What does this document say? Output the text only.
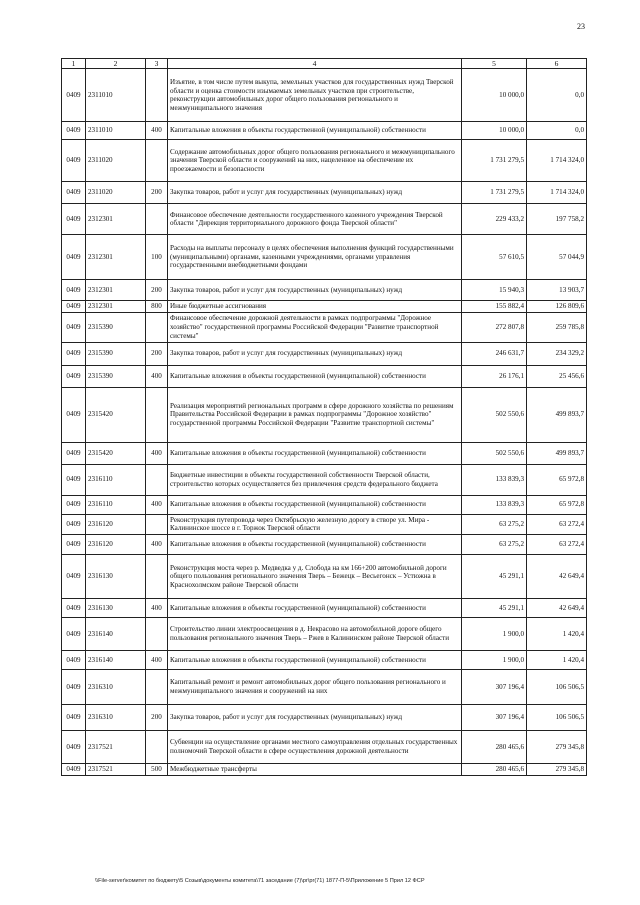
23
1	2	3	4	5	6
0409	2311010		Изъятие, в том числе путем выкупа, земельных участков для государственных нужд Тверской области и оценка стоимости изымаемых земельных участков при строительстве, реконструкции автомобильных дорог общего пользования регионального и межмуниципального значения	10 000,0	0,0
0409	2311010	400	Капитальные вложения в объекты государственной (муниципальной) собственности	10 000,0	0,0
0409	2311020		Содержание автомобильных дорог общего пользования регионального и межмуниципального значения Тверской области и сооружений на них, нацеленное на обеспечение их проезжаемости и безопасности	1 731 279,5	1 714 324,0
0409	2311020	200	Закупка товаров, работ и услуг для государственных (муниципальных) нужд	1 731 279,5	1 714 324,0
0409	2312301		Финансовое обеспечение деятельности государственного казенного учреждения Тверской области "Дирекция территориального дорожного фонда Тверской области"	229 433,2	197 758,2
0409	2312301	100	Расходы на выплаты персоналу в целях обеспечения выполнения функций государственными (муниципальными) органами, казенными учреждениями, органами управления государственными внебюджетными фондами	57 610,5	57 044,9
0409	2312301	200	Закупка товаров, работ и услуг для государственных (муниципальных) нужд	15 940,3	13 903,7
0409	2312301	800	Иные бюджетные ассигнования	155 882,4	126 809,6
0409	2315390		Финансовое обеспечение дорожной деятельности в рамках подпрограммы "Дорожное хозяйство" государственной программы Российской Федерации "Развитие транспортной системы"	272 807,8	259 785,8
0409	2315390	200	Закупка товаров, работ и услуг для государственных (муниципальных) нужд	246 631,7	234 329,2
0409	2315390	400	Капитальные вложения в объекты государственной (муниципальной) собственности	26 176,1	25 456,6
0409	2315420		Реализация мероприятий региональных программ в сфере дорожного хозяйства по решениям Правительства Российской Федерации в рамках подпрограммы "Дорожное хозяйство" государственной программы Российской Федерации "Развитие транспортной системы"	502 550,6	499 893,7
0409	2315420	400	Капитальные вложения в объекты государственной (муниципальной) собственности	502 550,6	499 893,7
0409	2316110		Бюджетные инвестиции в объекты государственной собственности Тверской области, строительство которых осуществляется без привлечения средств федерального бюджета	133 839,3	65 972,8
0409	2316110	400	Капитальные вложения в объекты государственной (муниципальной) собственности	133 839,3	65 972,8
0409	2316120		Реконструкция путепровода через Октябрьскую железную дорогу в створе ул. Мира - Калининское шоссе в г. Торжок Тверской области	63 275,2	63 272,4
0409	2316120	400	Капитальные вложения в объекты государственной (муниципальной) собственности	63 275,2	63 272,4
0409	2316130		Реконструкция моста через р. Медведка у д. Слобода на км 166+200 автомобильной дороги общего пользования регионального значения Тверь – Бежецк – Весьегонск – Устюжна в Краснохолмском районе Тверской области	45 291,1	42 649,4
0409	2316130	400	Капитальные вложения в объекты государственной (муниципальной) собственности	45 291,1	42 649,4
0409	2316140		Строительство линии электроосвещения в д. Некрасово на автомобильной дороге общего пользования регионального значения Тверь – Ржев в Калининском районе Тверской области	1 900,0	1 420,4
0409	2316140	400	Капитальные вложения в объекты государственной (муниципальной) собственности	1 900,0	1 420,4
0409	2316310		Капитальный ремонт и ремонт автомобильных дорог общего пользования регионального и межмуниципального значения и сооружений на них	307 196,4	106 506,5
0409	2316310	200	Закупка товаров, работ и услуг для государственных (муниципальных) нужд	307 196,4	106 506,5
0409	2317521		Субвенции на осуществление органами местного самоуправления отдельных государственных полномочий Тверской области в сфере осуществления дорожной деятельности	280 465,6	279 345,8
0409	2317521	500	Межбюджетные трансферты	280 465,6	279 345,8
\\File-server\комитет по бюджету\5 Созыв\документы комитета\71 заседание (7)\pr\pr(71) 1877-П-5\Приложение 5 Прил 12 ФСР
